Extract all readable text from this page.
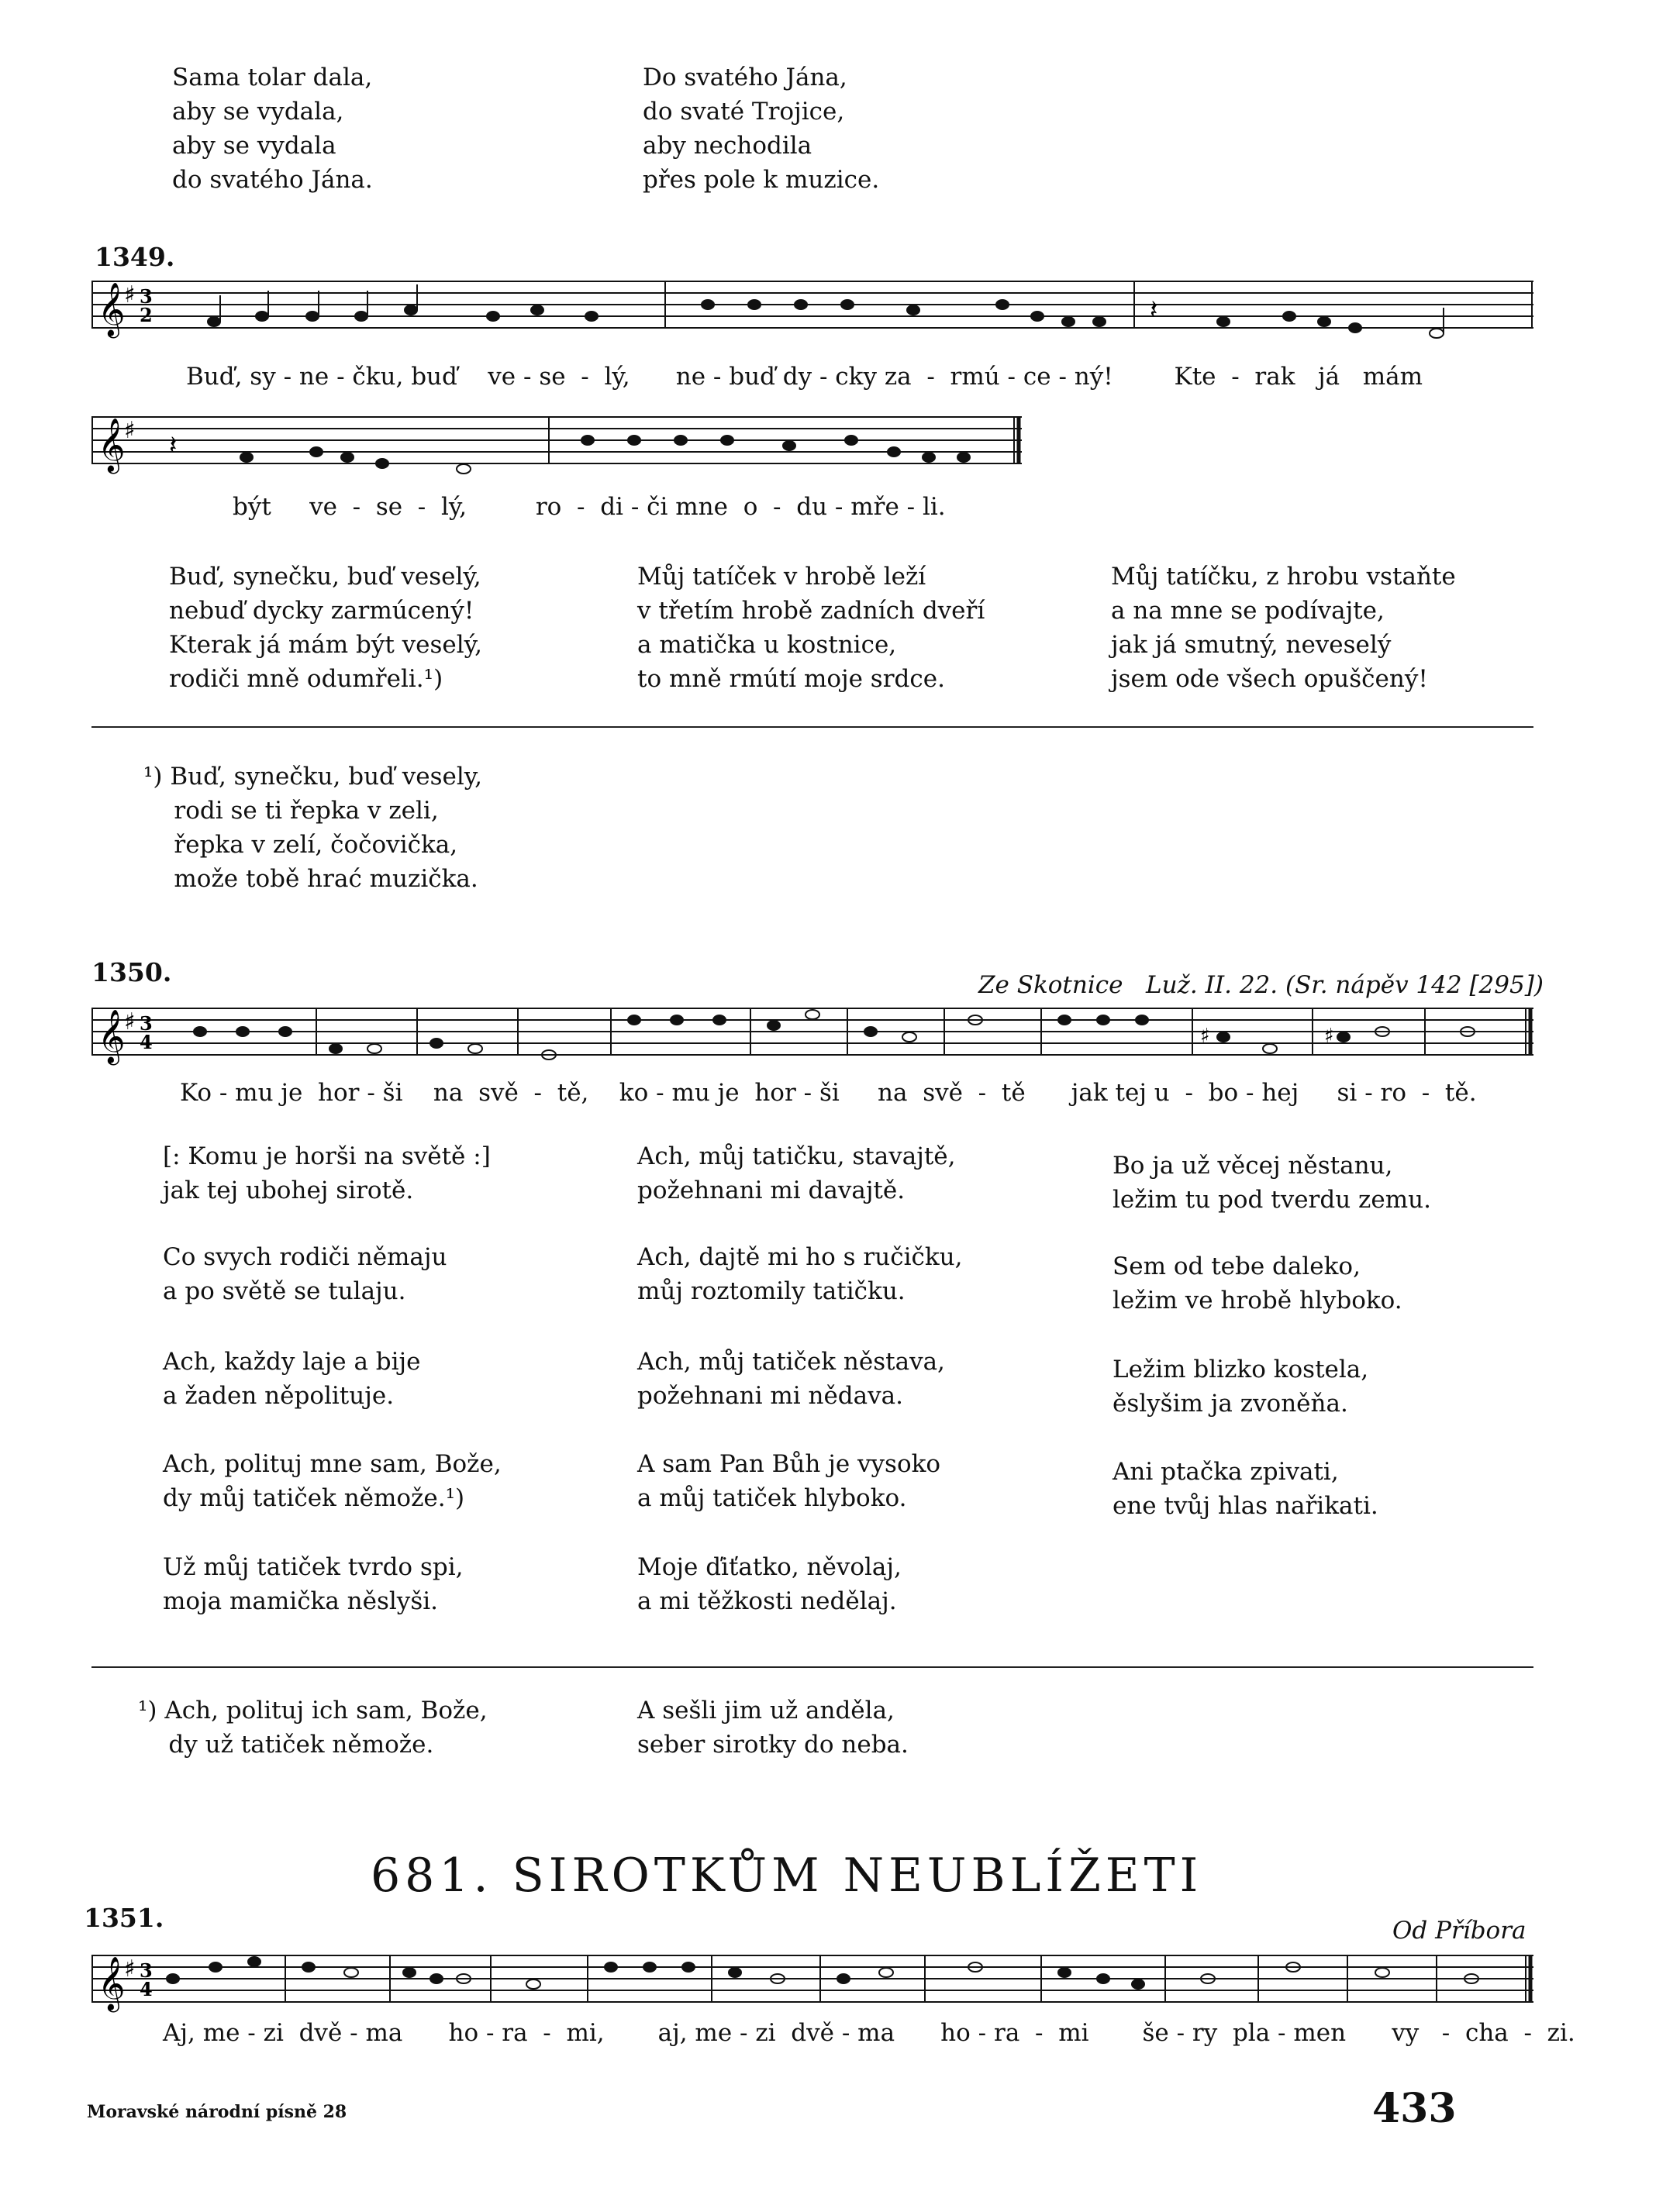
Sama tolar dala,
aby se vydala,
aby se vydala
do svatého Jána.
Do svatého Jána,
do svaté Trojice,
aby nechodila
přes pole k muzice.
1349.
𝄞
♯ 3
2	𝄽
Buď, sy - ne - čku, buď    ve - se  -  lý,      ne - buď dy - cky za  -  rmú - ce - ný!        Kte  -  rak   já   mám
𝄞
♯ 𝄽
být     ve  -  se  -  lý,         ro  -  di - či mne  o  -  du - mře - li.
Buď, synečku, buď veselý,
nebuď dycky zarmúcený!
Kterak já mám být veselý,
rodiči mně odumřeli.¹)
Můj tatíček v hrobě leží
v třetím hrobě zadních dveří
a matička u kostnice,
to mně rmútí moje srdce.
Můj tatíčku, z hrobu vstaňte
a na mne se podívajte,
jak já smutný, neveselý
jsem ode všech opuščený!
¹) Buď, synečku, buď vesely,
rodi se ti řepka v zeli,
řepka v zelí, čočovička,
može tobě hrać muzička.
1350.	Ze Skotnice   Luž. II. 22. (Sr. nápěv 142 [295])
𝄞
♯ 3
4	♯	♯
Ko - mu je  hor - ši    na  svě  -  tě,    ko - mu je  hor - ši     na  svě  -  tě      jak tej u  -  bo - hej     si - ro  -  tě.
[: Komu je horši na světě :]
jak tej ubohej sirotě.
Co svych rodiči němaju
a po světě se tulaju.
Ach, každy laje a bije
a žaden něpolituje.
Ach, polituj mne sam, Bože,
dy můj tatiček němože.¹)
Už můj tatiček tvrdo spi,
moja mamička něslyši.
Ach, můj tatičku, stavajtě,
požehnani mi davajtě.
Ach, dajtě mi ho s ručičku,
můj roztomily tatičku.
Ach, můj tatiček něstava,
požehnani mi nědava.
A sam Pan Bůh je vysoko
a můj tatiček hlyboko.
Moje ďiťatko, něvolaj,
a mi těžkosti nedělaj.
Bo ja už věcej něstanu,
ležim tu pod tverdu zemu.
Sem od tebe daleko,
ležim ve hrobě hlyboko.
Ležim blizko kostela,
ěslyšim ja zvoněňa.
Ani ptačka zpivati,
ene tvůj hlas nařikati.
¹) Ach, polituj ich sam, Bože,
dy už tatiček němože.
A sešli jim už anděla,
seber sirotky do neba.
681. SIROTKŮM NEUBLÍŽETI
1351.	Od Příbora
𝄞
♯ 3
4
Aj, me - zi  dvě - ma      ho - ra  -  mi,       aj, me - zi  dvě - ma      ho - ra  -  mi       še - ry  pla - men      vy   -  cha  -  zi.
Moravské národní písně 28	433
